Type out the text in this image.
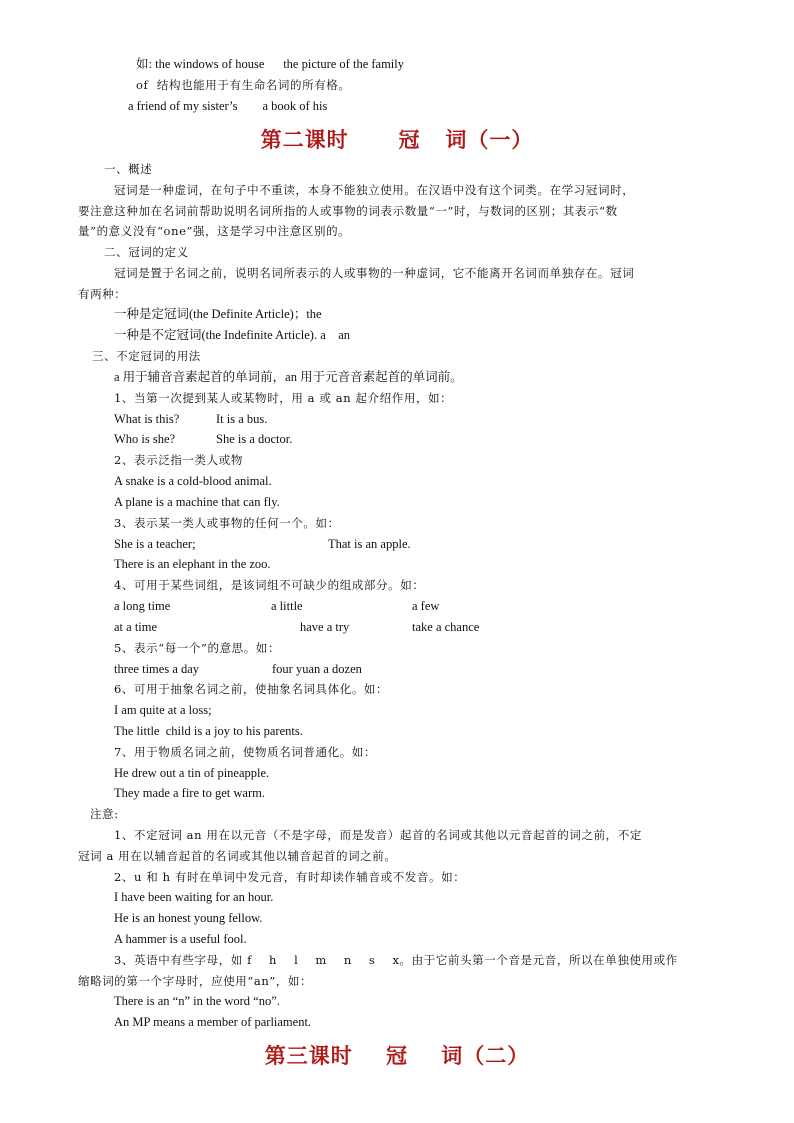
如: the windows of house      the picture of the family
of  结构也能用于有生命名词的所有格。
a friend of my sister’s        a book of his
第二课时      冠   词（一）
一、概述
冠词是一种虚词，在句子中不重读，本身不能独立使用。在汉语中没有这个词类。在学习冠词时，
要注意这种加在名词前帮助说明名词所指的人或事物的词表示数量“一”时，与数词的区别；其表示“数
量”的意义没有“one”强，这是学习中注意区别的。
二、冠词的定义
冠词是置于名词之前，说明名词所表示的人或事物的一种虚词，它不能离开名词而单独存在。冠词
有两种：
一种是定冠词(the Definite Article)；the
一种是不定冠词(the Indefinite Article). a    an
三、不定冠词的用法
a 用于辅音音素起首的单词前，an 用于元音音素起首的单词前。
1、当第一次提到某人或某物时，用 a 或 an 起介绍作用，如：
What is this?	It is a bus.
Who is she?	She is a doctor.
2、表示泛指一类人或物
A snake is a cold-blood animal.
A plane is a machine that can fly.
3、表示某一类人或事物的任何一个。如：
She is a teacher;	That is an apple.
There is an elephant in the zoo.
4、可用于某些词组，是该词组不可缺少的组成部分。如：
a long time	a little	a few
at a time	have a try	take a chance
5、表示“每一个”的意思。如：
three times a day	four yuan a dozen
6、可用于抽象名词之前，使抽象名词具体化。如：
I am quite at a loss;
The little  child is a joy to his parents.
7、用于物质名词之前，使物质名词普通化。如：
He drew out a tin of pineapple.
They made a fire to get warm.
注意:
1、不定冠词 an 用在以元音（不是字母，而是发音）起首的名词或其他以元音起首的词之前，不定
冠词 a 用在以辅音起首的名词或其他以辅音起首的词之前。
2、u 和 h 有时在单词中发元音，有时却读作辅音或不发音。如：
I have been waiting for an hour.
He is an honest young fellow.
A hammer is a useful fool.
3、英语中有些字母，如 f    h    l    m    n    s    x。由于它前头第一个音是元音，所以在单独使用或作
缩略词的第一个字母时，应使用“an”，如：
There is an “n” in the word “no”.
An MP means a member of parliament.
第三课时    冠    词（二）
